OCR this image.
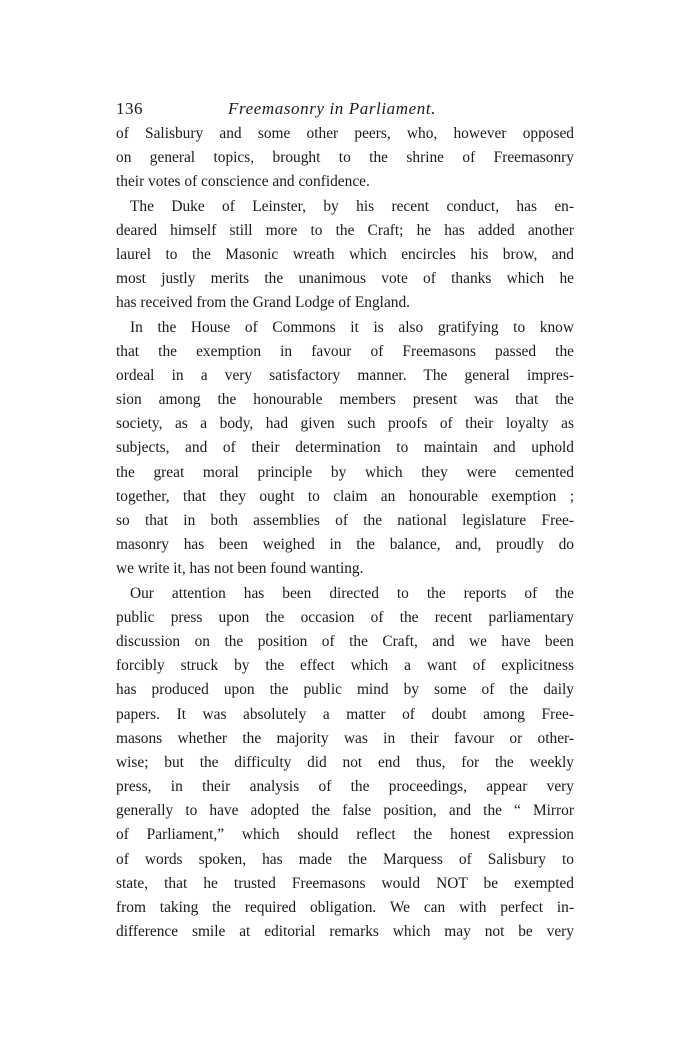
136	Freemasonry in Parliament.
of Salisbury and some other peers, who, however opposed
on general topics, brought to the shrine of Freemasonry
their votes of conscience and confidence.
The Duke of Leinster, by his recent conduct, has en-
deared himself still more to the Craft; he has added another
laurel to the Masonic wreath which encircles his brow, and
most justly merits the unanimous vote of thanks which he
has received from the Grand Lodge of England.
In the House of Commons it is also gratifying to know
that the exemption in favour of Freemasons passed the
ordeal in a very satisfactory manner. The general impres-
sion among the honourable members present was that the
society, as a body, had given such proofs of their loyalty as
subjects, and of their determination to maintain and uphold
the great moral principle by which they were cemented
together, that they ought to claim an honourable exemption ;
so that in both assemblies of the national legislature Free-
masonry has been weighed in the balance, and, proudly do
we write it, has not been found wanting.
Our attention has been directed to the reports of the
public press upon the occasion of the recent parliamentary
discussion on the position of the Craft, and we have been
forcibly struck by the effect which a want of explicitness
has produced upon the public mind by some of the daily
papers. It was absolutely a matter of doubt among Free-
masons whether the majority was in their favour or other-
wise; but the difficulty did not end thus, for the weekly
press, in their analysis of the proceedings, appear very
generally to have adopted the false position, and the “ Mirror
of Parliament,” which should reflect the honest expression
of words spoken, has made the Marquess of Salisbury to
state, that he trusted Freemasons would NOT be exempted
from taking the required obligation. We can with perfect in-
difference smile at editorial remarks which may not be very
